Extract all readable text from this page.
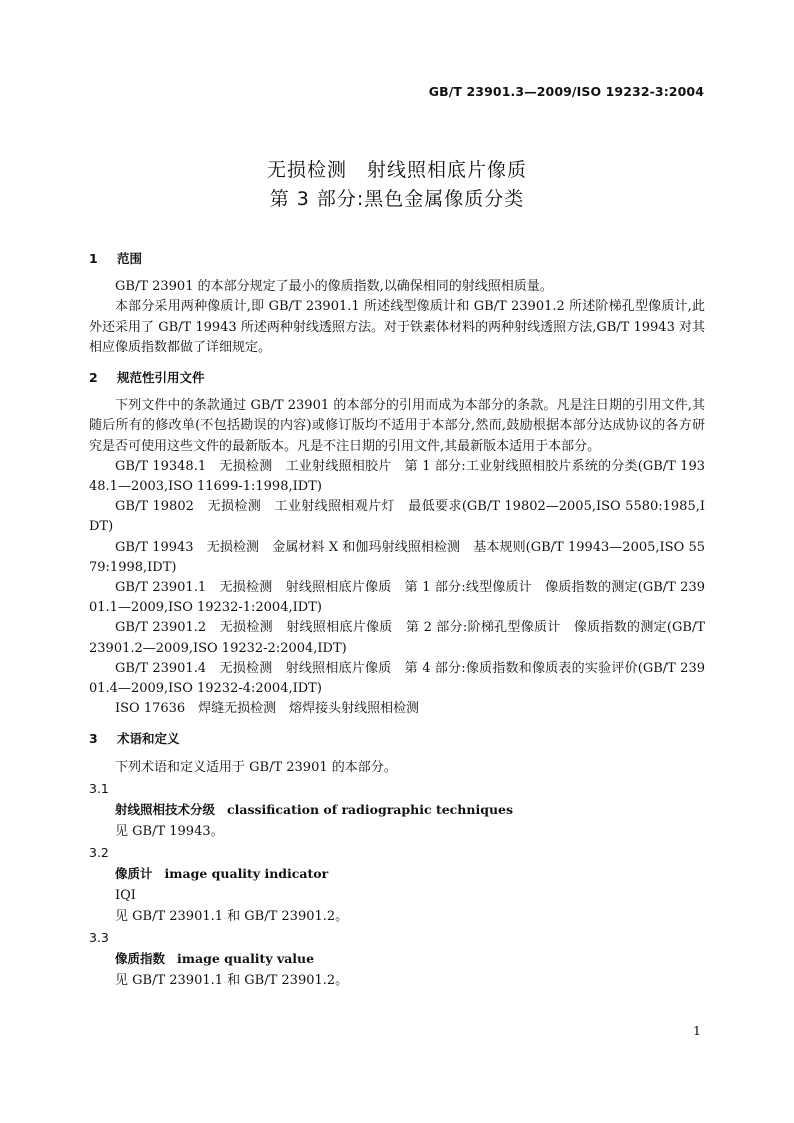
GB/T 23901.3—2009/ISO 19232-3:2004
无损检测　射线照相底片像质
第 3 部分:黑色金属像质分类
1 范围

GB/T 23901 的本部分规定了最小的像质指数,以确保相同的射线照相质量。

本部分采用两种像质计,即 GB/T 23901.1 所述线型像质计和 GB/T 23901.2 所述阶梯孔型像质计,此外还采用了 GB/T 19943 所述两种射线透照方法。对于铁素体材料的两种射线透照方法,GB/T 19943 对其相应像质指数都做了详细规定。

2 规范性引用文件

下列文件中的条款通过 GB/T 23901 的本部分的引用而成为本部分的条款。凡是注日期的引用文件,其随后所有的修改单(不包括勘误的内容)或修订版均不适用于本部分,然而,鼓励根据本部分达成协议的各方研究是否可使用这些文件的最新版本。凡是不注日期的引用文件,其最新版本适用于本部分。

GB/T 19348.1　无损检测　工业射线照相胶片　第 1 部分:工业射线照相胶片系统的分类(GB/T 19348.1—2003,ISO 11699-1:1998,IDT)

GB/T 19802　无损检测　工业射线照相观片灯　最低要求(GB/T 19802—2005,ISO 5580:1985,IDT)

GB/T 19943　无损检测　金属材料 X 和伽玛射线照相检测　基本规则(GB/T 19943—2005,ISO 5579:1998,IDT)

GB/T 23901.1　无损检测　射线照相底片像质　第 1 部分:线型像质计　像质指数的测定(GB/T 23901.1—2009,ISO 19232-1:2004,IDT)

GB/T 23901.2　无损检测　射线照相底片像质　第 2 部分:阶梯孔型像质计　像质指数的测定(GB/T 23901.2—2009,ISO 19232-2:2004,IDT)

GB/T 23901.4　无损检测　射线照相底片像质　第 4 部分:像质指数和像质表的实验评价(GB/T 23901.4—2009,ISO 19232-4:2004,IDT)

ISO 17636　焊缝无损检测　熔焊接头射线照相检测

3 术语和定义

下列术语和定义适用于 GB/T 23901 的本部分。

3.1
射线照相技术分级 classification of radiographic techniques
见 GB/T 19943。
3.2
像质计 image quality indicator
IQI
见 GB/T 23901.1 和 GB/T 23901.2。
3.3
像质指数 image quality value
见 GB/T 23901.1 和 GB/T 23901.2。
1
